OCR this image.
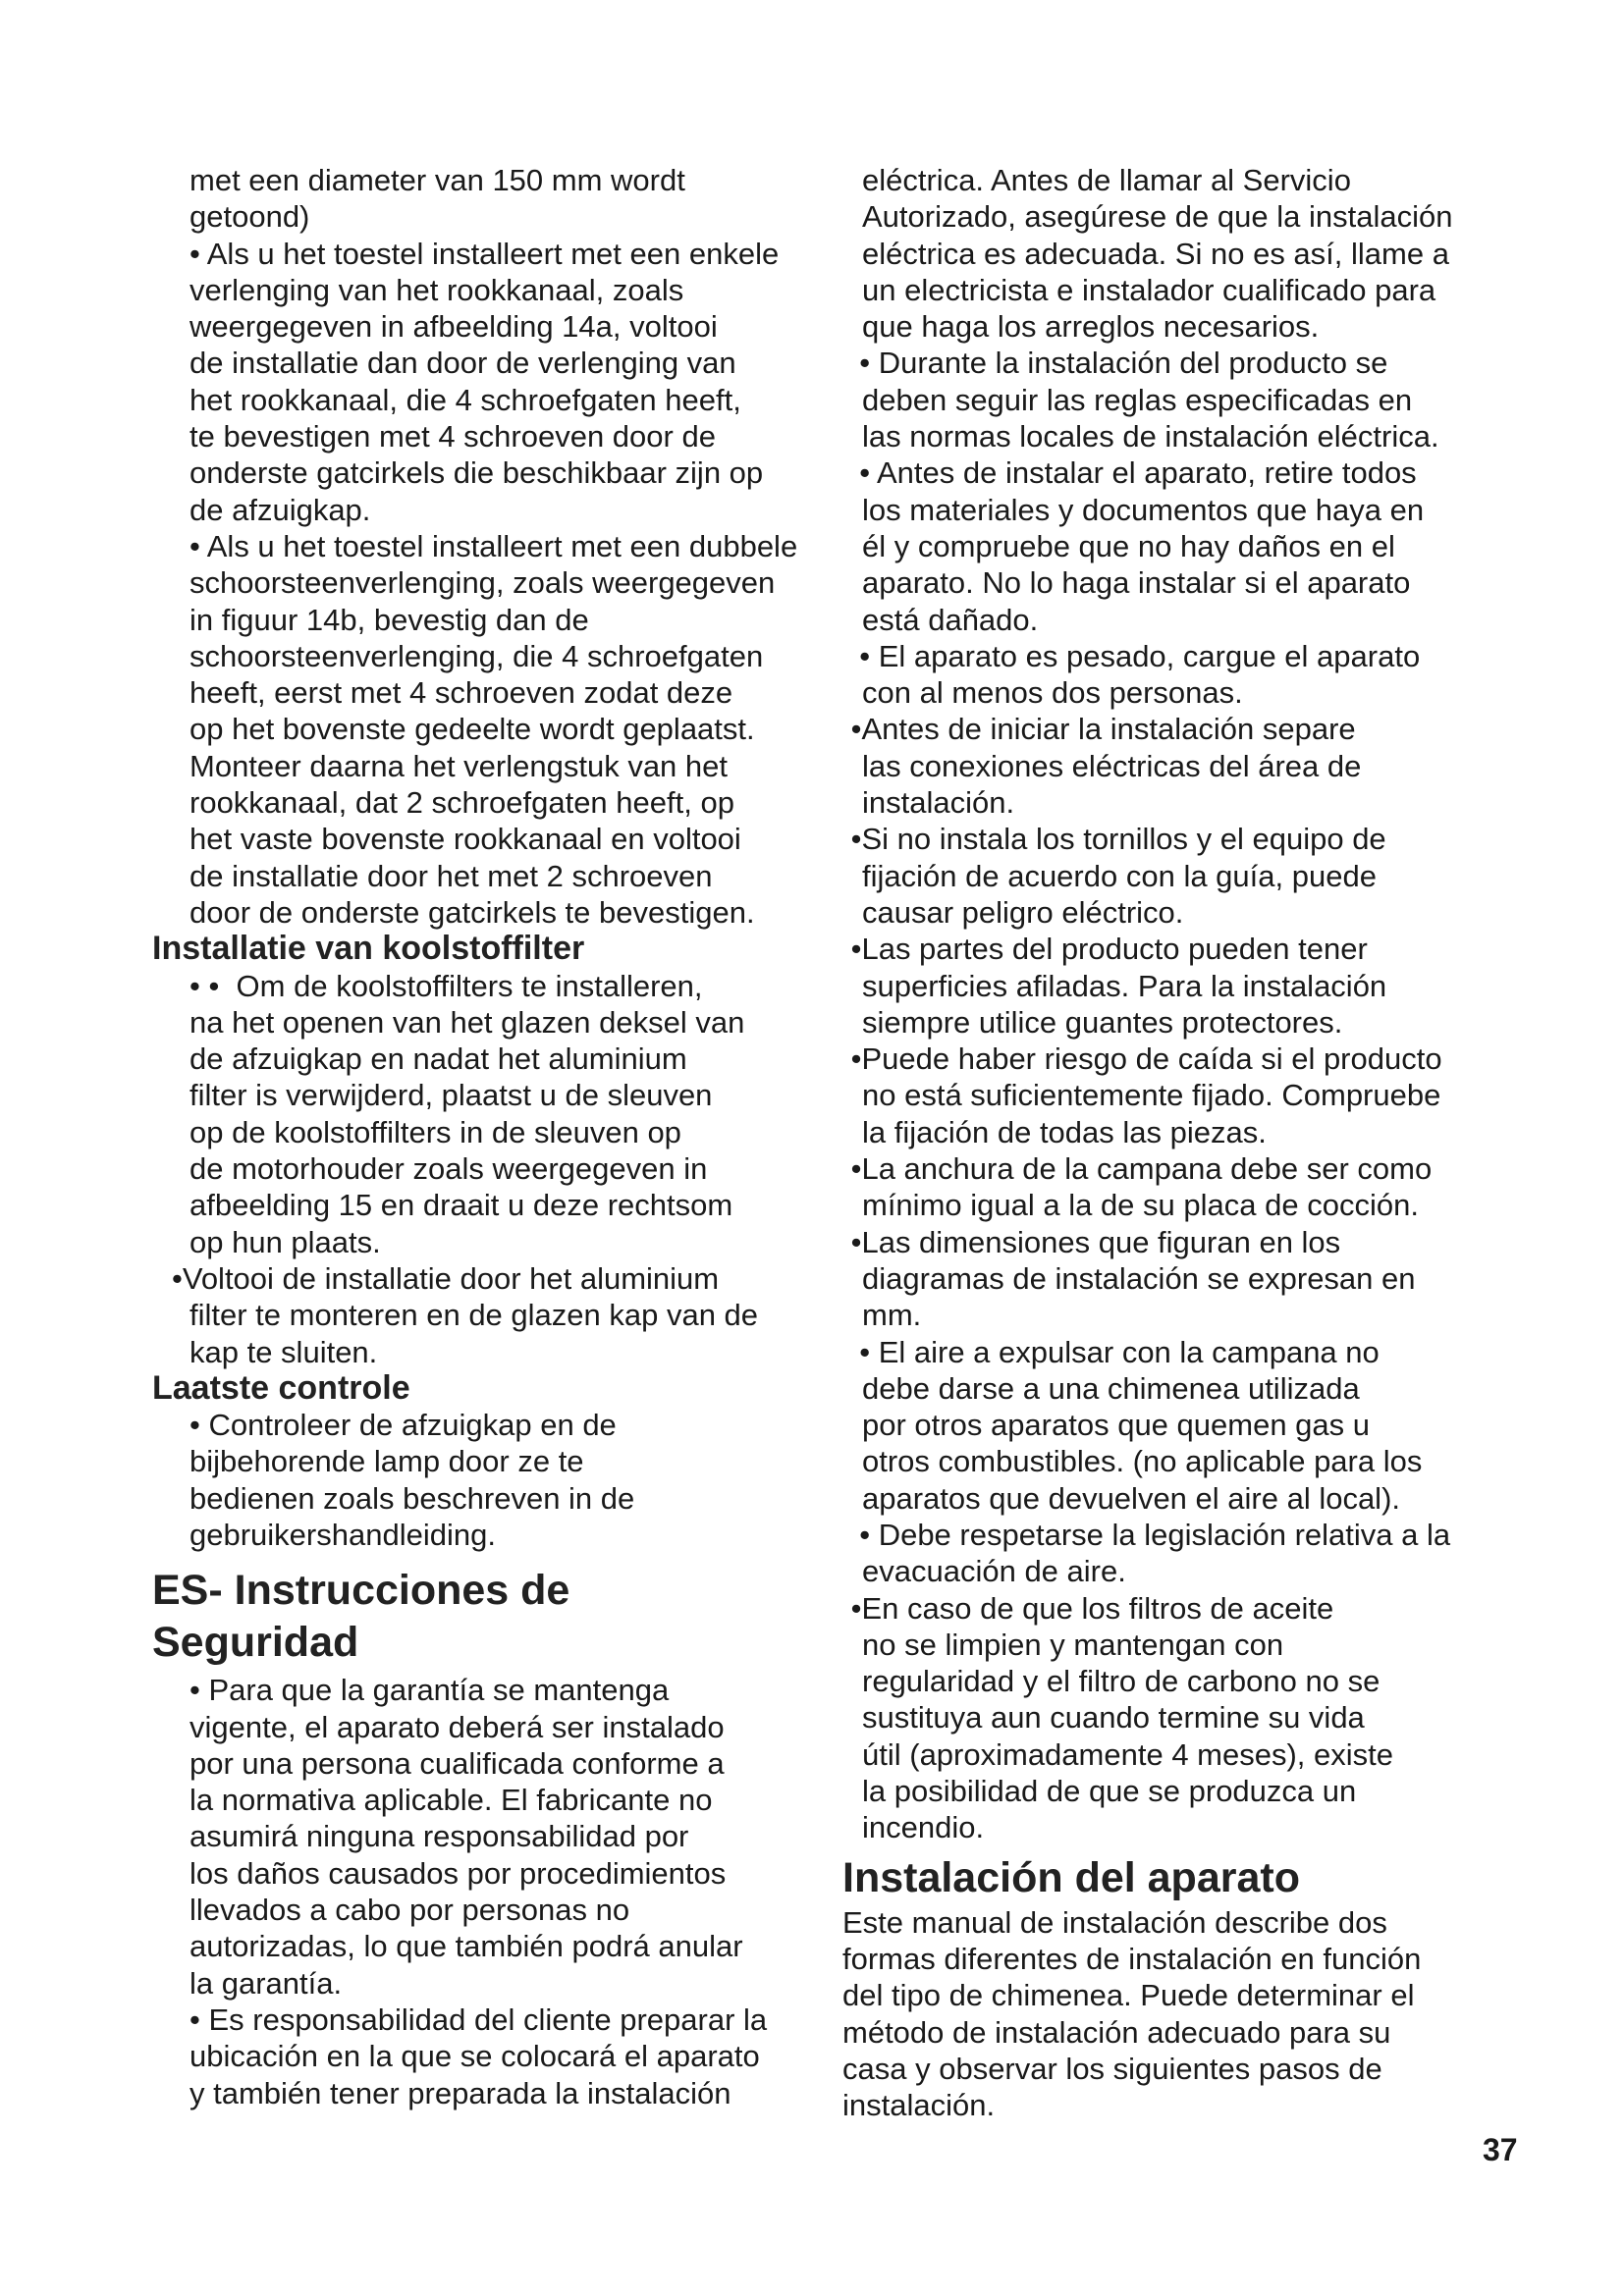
met een diameter van 150 mm wordt
getoond)
• Als u het toestel installeert met een enkele
verlenging van het rookkanaal, zoals
weergegeven in afbeelding 14a, voltooi
de installatie dan door de verlenging van
het rookkanaal, die 4 schroefgaten heeft,
te bevestigen met 4 schroeven door de
onderste gatcirkels die beschikbaar zijn op
de afzuigkap.
• Als u het toestel installeert met een dubbele
schoorsteenverlenging, zoals weergegeven
in figuur 14b, bevestig dan de
schoorsteenverlenging, die 4 schroefgaten
heeft, eerst met 4 schroeven zodat deze
op het bovenste gedeelte wordt geplaatst.
Monteer daarna het verlengstuk van het
rookkanaal, dat 2 schroefgaten heeft, op
het vaste bovenste rookkanaal en voltooi
de installatie door het met 2 schroeven
door de onderste gatcirkels te bevestigen.
Installatie van koolstoffilter
• •  Om de koolstoffilters te installeren,
na het openen van het glazen deksel van
de afzuigkap en nadat het aluminium
filter is verwijderd, plaatst u de sleuven
op de koolstoffilters in de sleuven op
de motorhouder zoals weergegeven in
afbeelding 15 en draait u deze rechtsom
op hun plaats.
•Voltooi de installatie door het aluminium
filter te monteren en de glazen kap van de
kap te sluiten.
Laatste controle
• Controleer de afzuigkap en de
bijbehorende lamp door ze te
bedienen zoals beschreven in de
gebruikershandleiding.
ES- Instrucciones de
Seguridad
• Para que la garantía se mantenga
vigente, el aparato deberá ser instalado
por una persona cualificada conforme a
la normativa aplicable. El fabricante no
asumirá ninguna responsabilidad por
los daños causados por procedimientos
llevados a cabo por personas no
autorizadas, lo que también podrá anular
la garantía.
• Es responsabilidad del cliente preparar la
ubicación en la que se colocará el aparato
y también tener preparada la instalación
eléctrica. Antes de llamar al Servicio
Autorizado, asegúrese de que la instalación
eléctrica es adecuada. Si no es así, llame a
un electricista e instalador cualificado para
que haga los arreglos necesarios.
• Durante la instalación del producto se
deben seguir las reglas especificadas en
las normas locales de instalación eléctrica.
• Antes de instalar el aparato, retire todos
los materiales y documentos que haya en
él y compruebe que no hay daños en el
aparato. No lo haga instalar si el aparato
está dañado.
• El aparato es pesado, cargue el aparato
con al menos dos personas.
•Antes de iniciar la instalación separe
las conexiones eléctricas del área de
instalación.
•Si no instala los tornillos y el equipo de
fijación de acuerdo con la guía, puede
causar peligro eléctrico.
•Las partes del producto pueden tener
superficies afiladas. Para la instalación
siempre utilice guantes protectores.
•Puede haber riesgo de caída si el producto
no está suficientemente fijado. Compruebe
la fijación de todas las piezas.
•La anchura de la campana debe ser como
mínimo igual a la de su placa de cocción.
•Las dimensiones que figuran en los
diagramas de instalación se expresan en
mm.
• El aire a expulsar con la campana no
debe darse a una chimenea utilizada
por otros aparatos que quemen gas u
otros combustibles. (no aplicable para los
aparatos que devuelven el aire al local).
• Debe respetarse la legislación relativa a la
evacuación de aire.
•En caso de que los filtros de aceite
no se limpien y mantengan con
regularidad y el filtro de carbono no se
sustituya aun cuando termine su vida
útil (aproximadamente 4 meses), existe
la posibilidad de que se produzca un
incendio.
Instalación del aparato
Este manual de instalación describe dos
formas diferentes de instalación en función
del tipo de chimenea. Puede determinar el
método de instalación adecuado para su
casa y observar los siguientes pasos de
instalación.
37
